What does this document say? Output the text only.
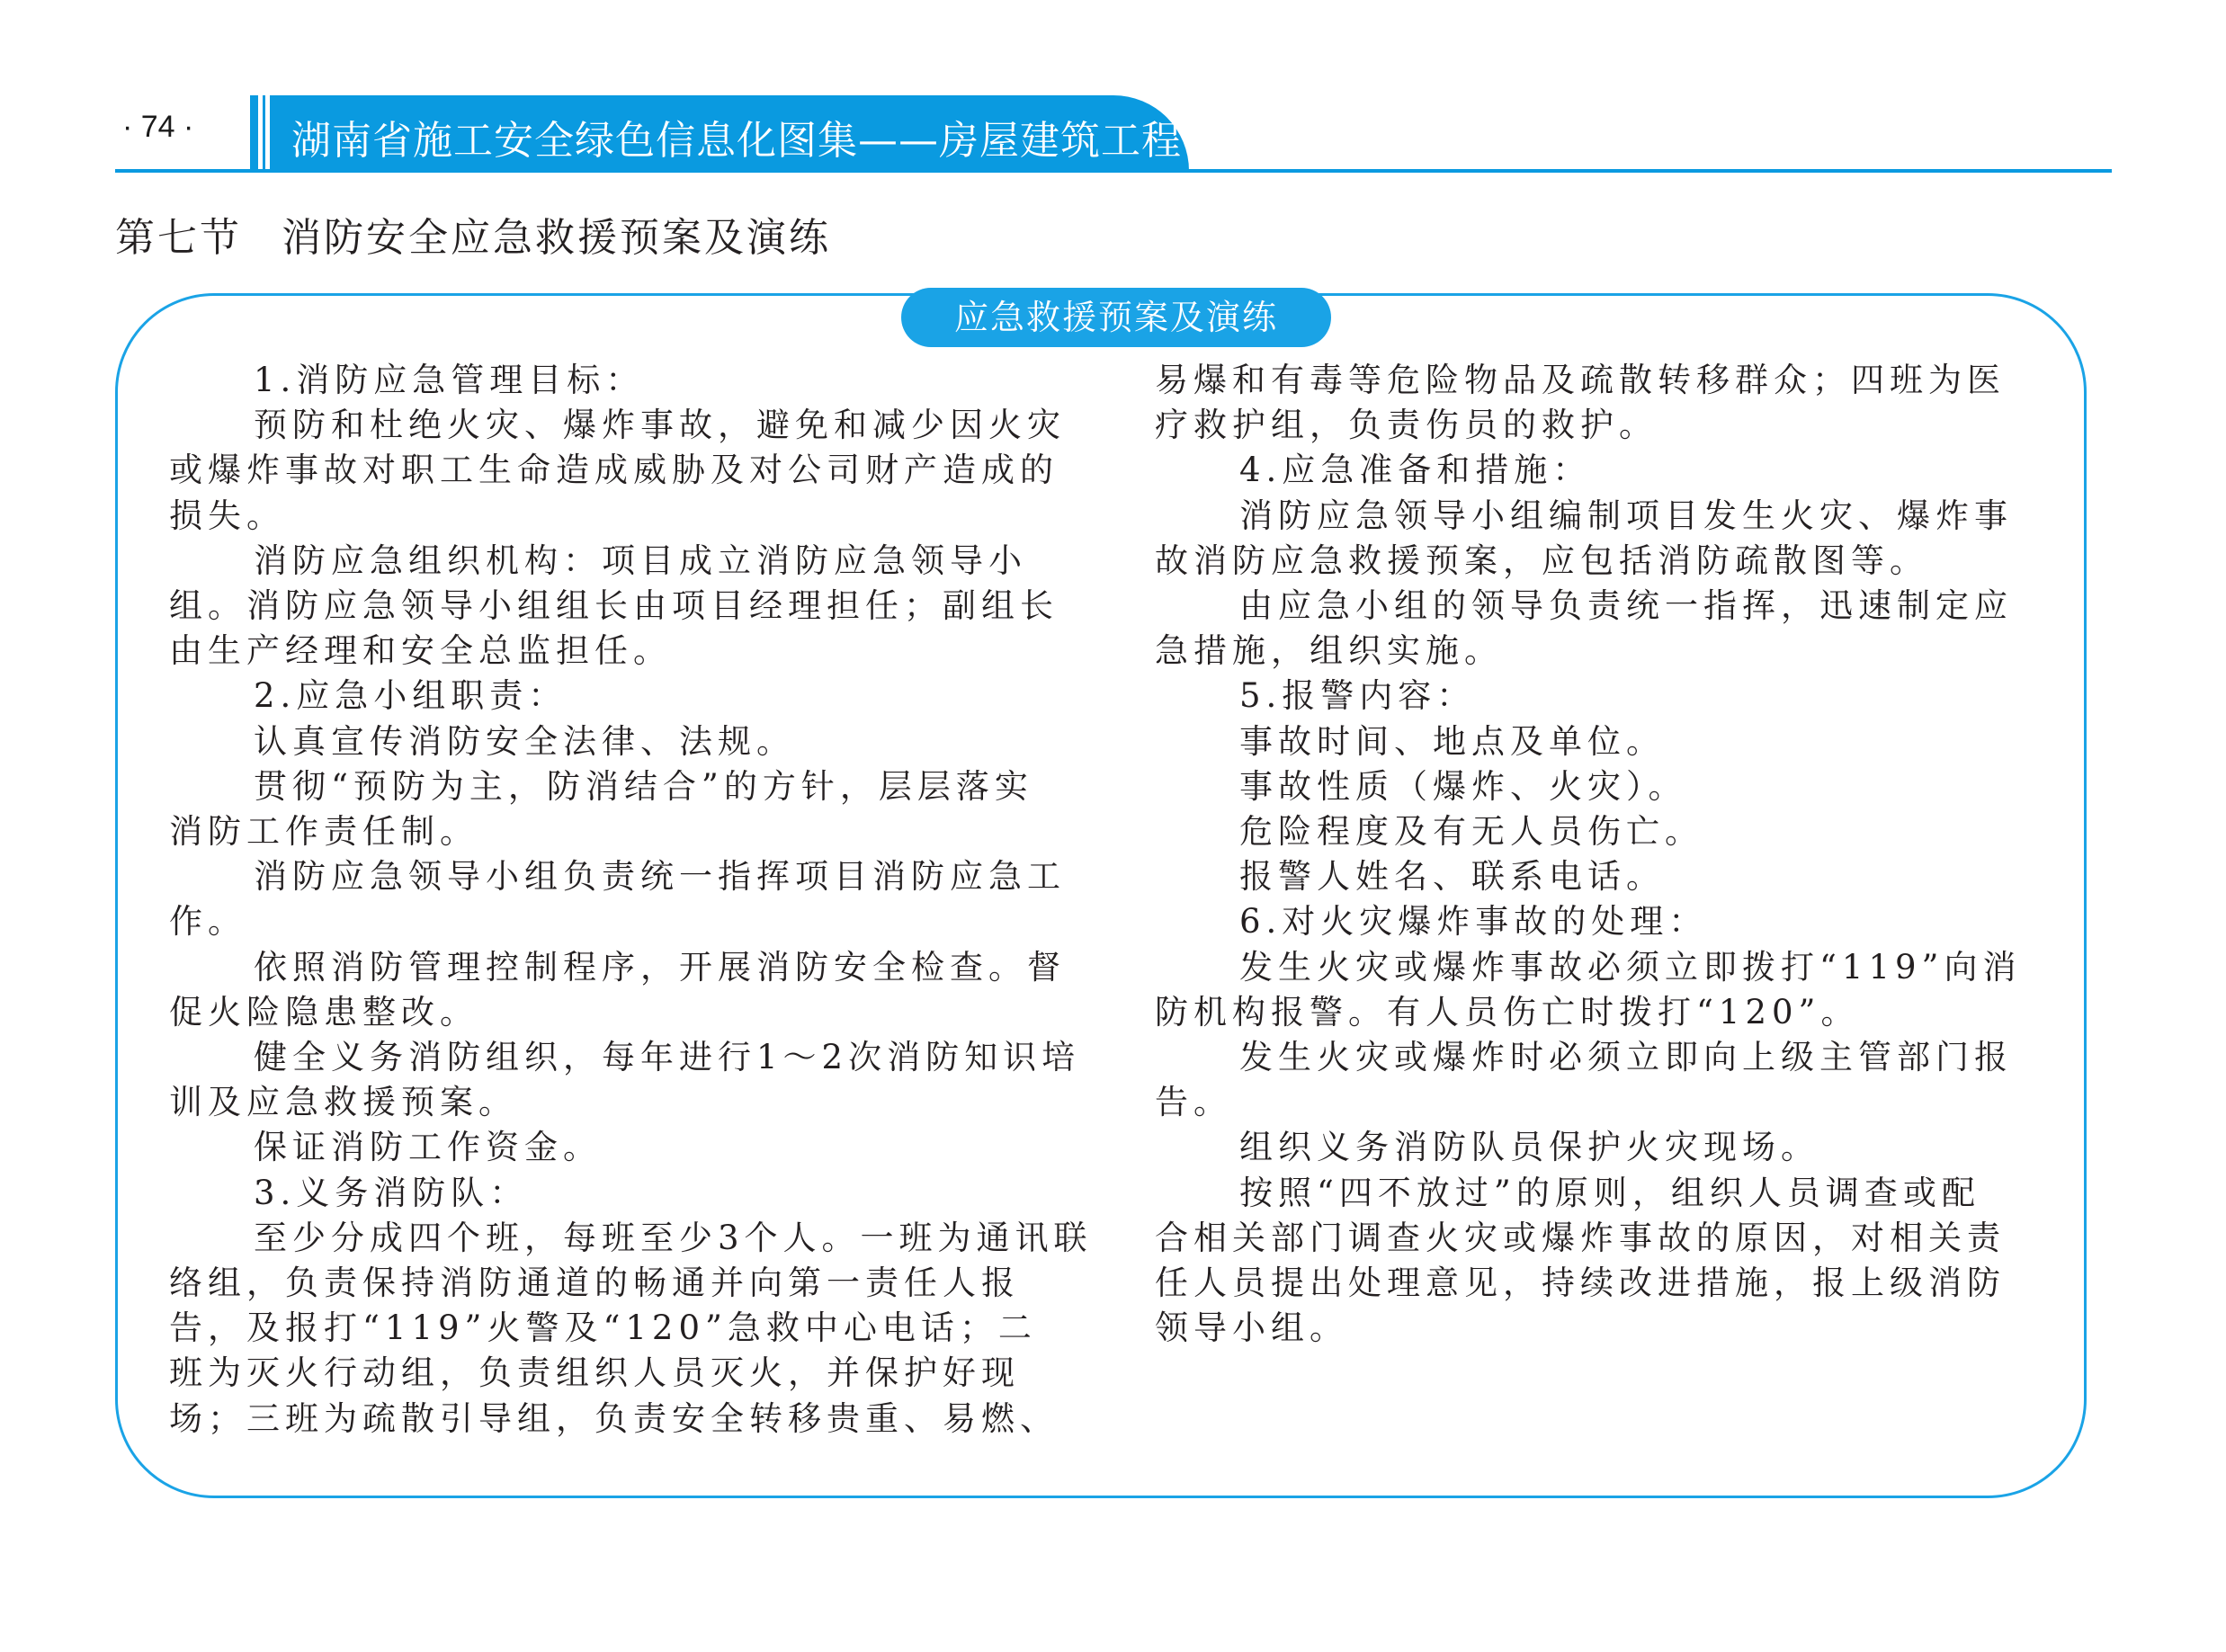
· 74 · 湖南省施工安全绿色信息化图集——房屋建筑工程
第七节 消防安全应急救援预案及演练
应急救援预案及演练

1.消防应急管理目标：

预防和杜绝火灾、爆炸事故，避免和减少因火灾
或爆炸事故对职工生命造成威胁及对公司财产造成的
损失。

消防应急组织机构：项目成立消防应急领导小
组。消防应急领导小组组长由项目经理担任；副组长
由生产经理和安全总监担任。

2.应急小组职责：

认真宣传消防安全法律、法规。

贯彻“预防为主，防消结合”的方针，层层落实
消防工作责任制。

消防应急领导小组负责统一指挥项目消防应急工
作。

依照消防管理控制程序，开展消防安全检查。督
促火险隐患整改。

健全义务消防组织，每年进行1～2次消防知识培
训及应急救援预案。

保证消防工作资金。

3.义务消防队：

至少分成四个班，每班至少3个人。一班为通讯联
络组，负责保持消防通道的畅通并向第一责任人报
告，及报打“119”火警及“120”急救中心电话；二
班为灭火行动组，负责组织人员灭火，并保护好现
场；三班为疏散引导组，负责安全转移贵重、易燃、

易爆和有毒等危险物品及疏散转移群众；四班为医
疗救护组，负责伤员的救护。

4.应急准备和措施：

消防应急领导小组编制项目发生火灾、爆炸事
故消防应急救援预案，应包括消防疏散图等。

由应急小组的领导负责统一指挥，迅速制定应
急措施，组织实施。

5.报警内容：

事故时间、地点及单位。

事故性质（爆炸、火灾）。

危险程度及有无人员伤亡。

报警人姓名、联系电话。

6.对火灾爆炸事故的处理：

发生火灾或爆炸事故必须立即拨打“119”向消
防机构报警。有人员伤亡时拨打“120”。

发生火灾或爆炸时必须立即向上级主管部门报
告。

组织义务消防队员保护火灾现场。

按照“四不放过”的原则，组织人员调查或配
合相关部门调查火灾或爆炸事故的原因，对相关责
任人员提出处理意见，持续改进措施，报上级消防
领导小组。
